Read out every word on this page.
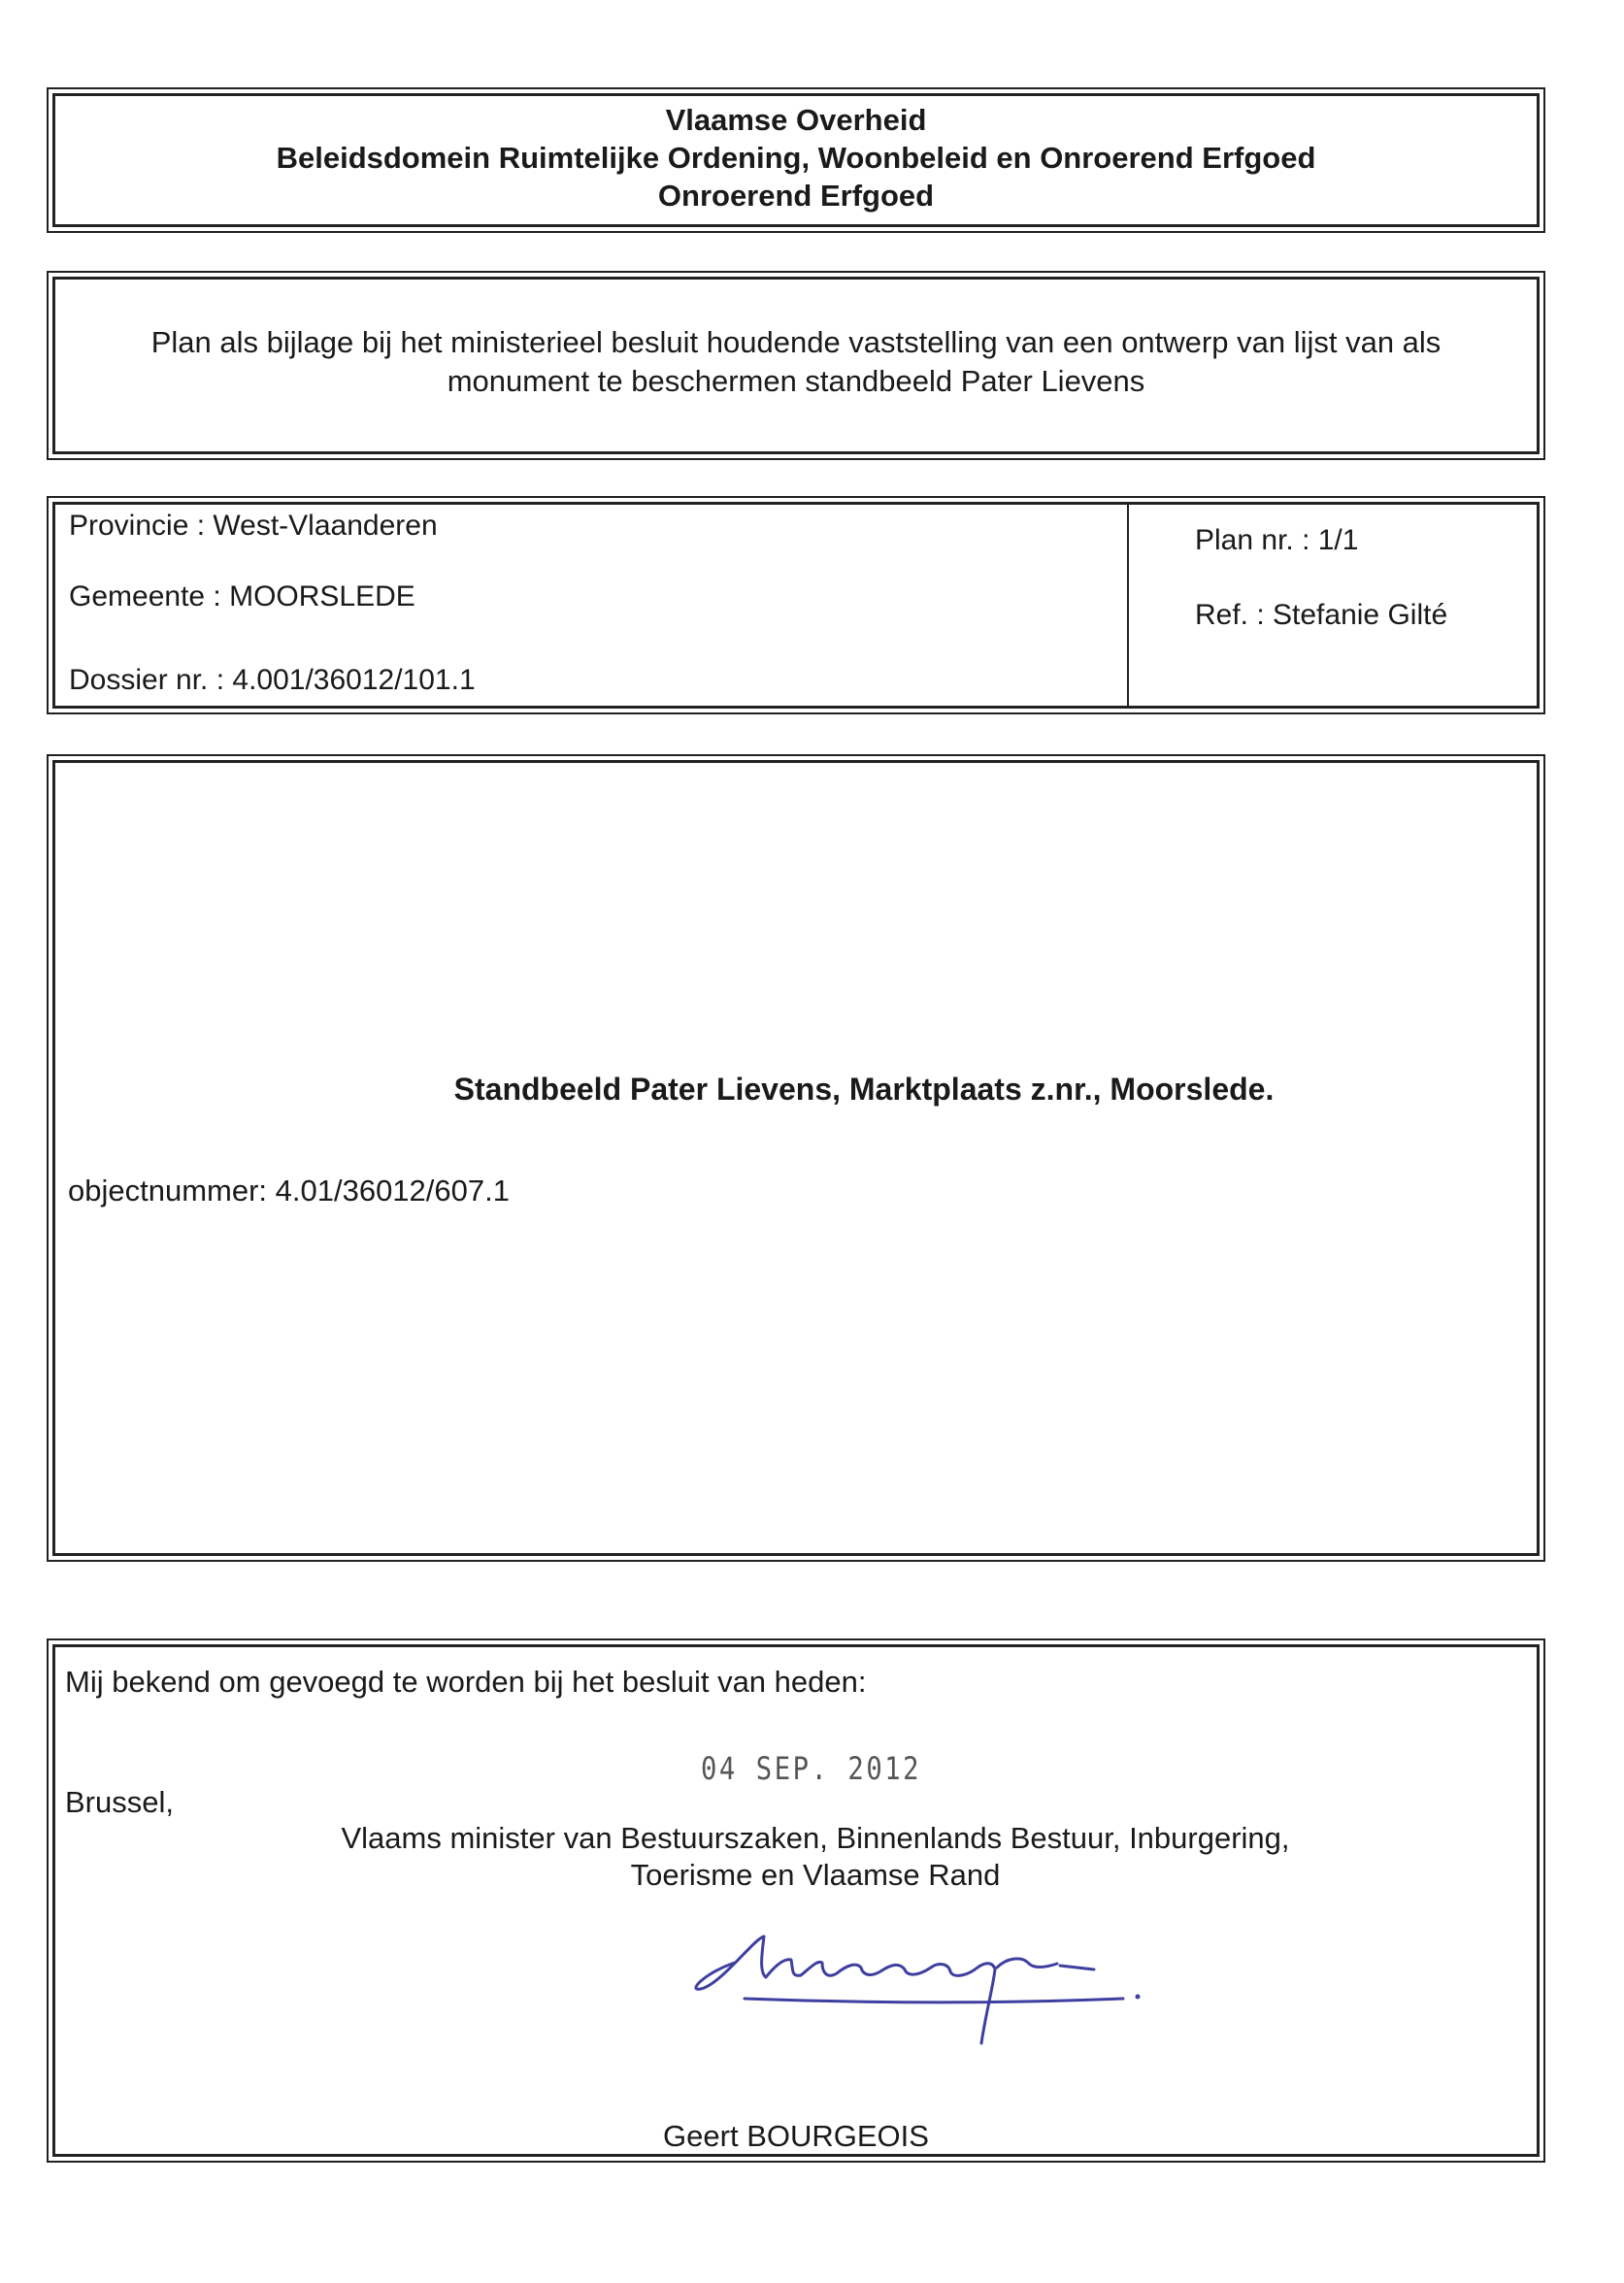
Vlaamse Overheid
Beleidsdomein Ruimtelijke Ordening, Woonbeleid en Onroerend Erfgoed
Onroerend Erfgoed
Plan als bijlage bij het ministerieel besluit houdende vaststelling van een ontwerp van lijst van als
monument te beschermen standbeeld Pater Lievens
Provincie : West-Vlaanderen
Gemeente : MOORSLEDE
Dossier nr. : 4.001/36012/101.1
Plan nr. : 1/1
Ref. : Stefanie Gilté
Standbeeld Pater Lievens, Marktplaats z.nr., Moorslede.
objectnummer: 4.01/36012/607.1
Mij bekend om gevoegd te worden bij het besluit van heden:
04 SEP. 2012
Brussel,
Vlaams minister van Bestuurszaken, Binnenlands Bestuur, Inburgering,
Toerisme en Vlaamse Rand
Geert BOURGEOIS
